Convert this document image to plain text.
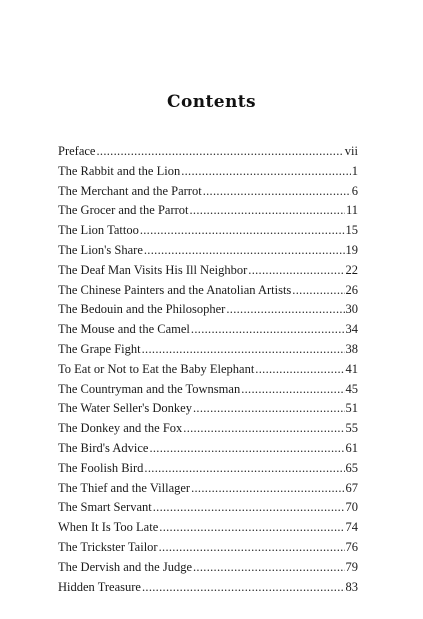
Contents
Preface .....	vii
The Rabbit and the Lion .....	1
The Merchant and the Parrot .....	6
The Grocer and the Parrot .....	11
The Lion Tattoo .....	15
The Lion's Share .....	19
The Deaf Man Visits His Ill Neighbor .....	22
The Chinese Painters and the Anatolian Artists .....	26
The Bedouin and the Philosopher .....	30
The Mouse and the Camel .....	34
The Grape Fight .....	38
To Eat or Not to Eat the Baby Elephant .....	41
The Countryman and the Townsman .....	45
The Water Seller's Donkey .....	51
The Donkey and the Fox .....	55
The Bird's Advice .....	61
The Foolish Bird .....	65
The Thief and the Villager .....	67
The Smart Servant .....	70
When It Is Too Late .....	74
The Trickster Tailor .....	76
The Dervish and the Judge .....	79
Hidden Treasure .....	83
